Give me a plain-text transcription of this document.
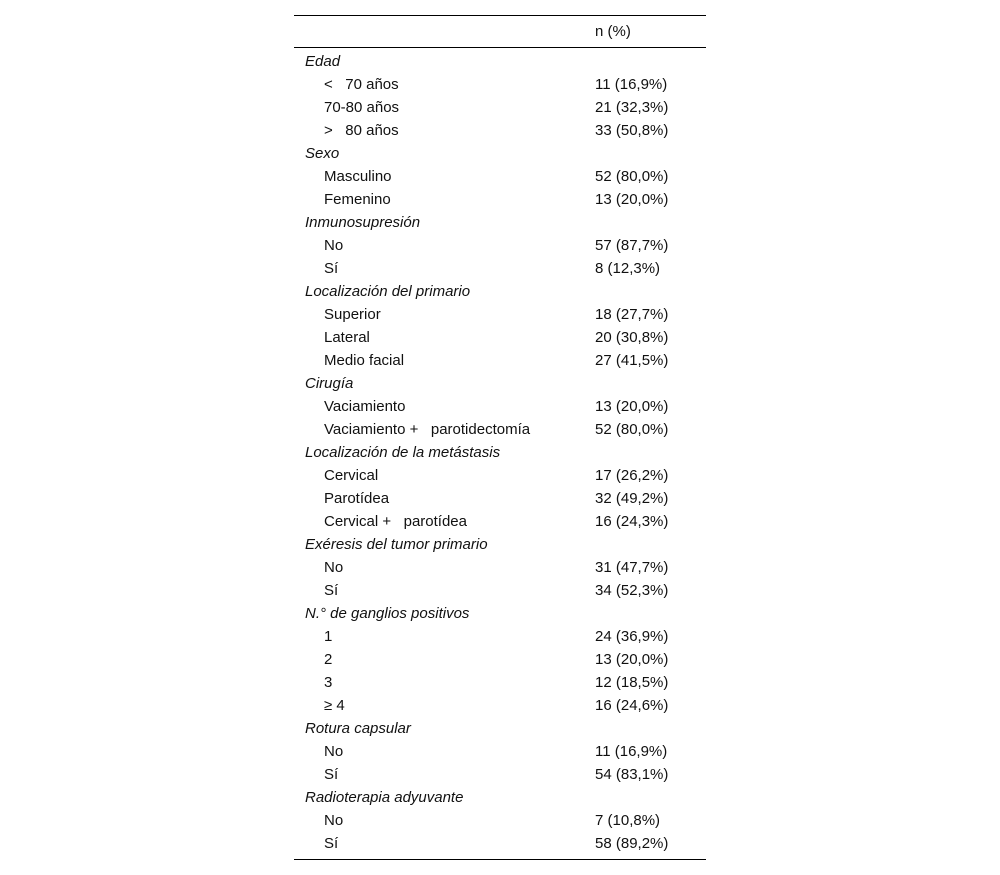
n (%)
Edad
<   70 años	11 (16,9%)
70-80 años	21 (32,3%)
>   80 años	33 (50,8%)
Sexo
Masculino	52 (80,0%)
Femenino	13 (20,0%)
Inmunosupresión
No	57 (87,7%)
Sí	8 (12,3%)
Localización del primario
Superior	18 (27,7%)
Lateral	20 (30,8%)
Medio facial	27 (41,5%)
Cirugía
Vaciamiento	13 (20,0%)
Vaciamiento +   parotidectomía	52 (80,0%)
Localización de la metástasis
Cervical	17 (26,2%)
Parotídea	32 (49,2%)
Cervical +   parotídea	16 (24,3%)
Exéresis del tumor primario
No	31 (47,7%)
Sí	34 (52,3%)
N.° de ganglios positivos
1	24 (36,9%)
2	13 (20,0%)
3	12 (18,5%)
≥ 4	16 (24,6%)
Rotura capsular
No	11 (16,9%)
Sí	54 (83,1%)
Radioterapia adyuvante
No	7 (10,8%)
Sí	58 (89,2%)
